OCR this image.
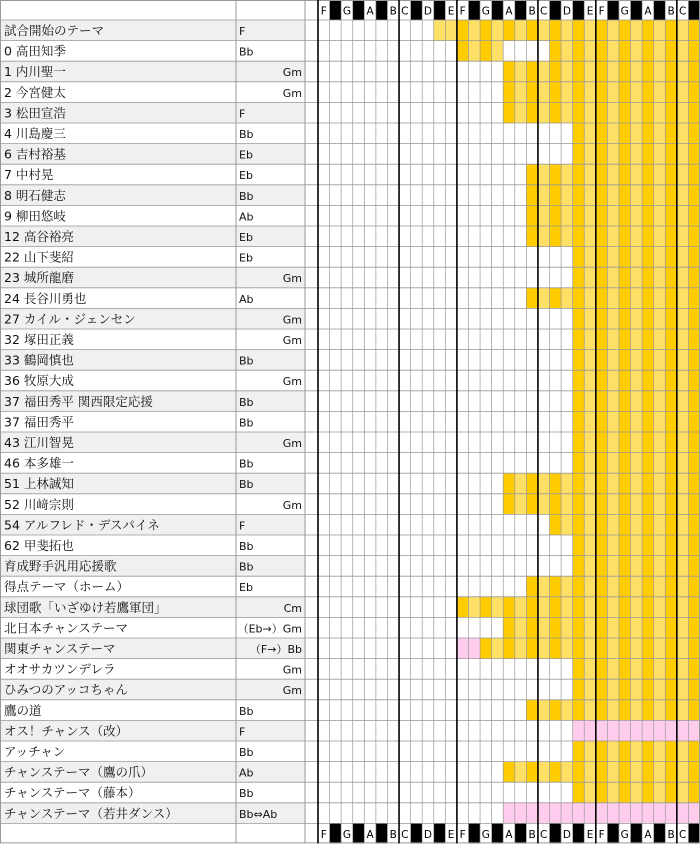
F G A B C D E F G A B C D E F G A B C
F G A B C D E F G A B C D E F G A B C
試合開始のテーマ	F
0 高田知季	Bb
1 内川聖一	Gm
2 今宮健太	Gm
3 松田宣浩	F
4 川島慶三	Bb
6 吉村裕基	Eb
7 中村晃	Eb
8 明石健志	Bb
9 柳田悠岐	Ab
12 高谷裕亮	Eb
22 山下斐紹	Eb
23 城所龍磨	Gm
24 長谷川勇也	Ab
27 カイル・ジェンセン	Gm
32 塚田正義	Gm
33 鶴岡慎也	Bb
36 牧原大成	Gm
37 福田秀平 関西限定応援	Bb
37 福田秀平	Bb
43 江川智晃	Gm
46 本多雄一	Bb
51 上林誠知	Bb
52 川﨑宗則	Gm
54 アルフレド・デスパイネ	F
62 甲斐拓也	Bb
育成野手汎用応援歌	Bb
得点テーマ（ホーム）	Eb
球団歌「いざゆけ若鷹軍団」	Cm
北日本チャンステーマ	（Eb→）Gm
関東チャンステーマ	（F→）Bb
オオサカツンデレラ	Gm
ひみつのアッコちゃん	Gm
鷹の道	Bb
オス！チャンス（改）	F
アッチャン	Bb
チャンステーマ（鷹の爪）	Ab
チャンステーマ（藤本）	Bb
チャンステーマ（若井ダンス）	Bb⇔Ab
